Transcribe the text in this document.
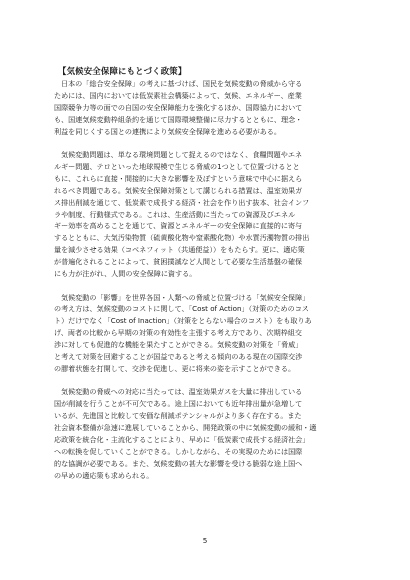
【気候安全保障にもとづく政策】

日本の「総合安全保障」の考えに基づけば、国民を気候変動の脅威から守る
ためには、国内においては低炭素社会構築によって、気候、エネルギー、産業
国際競争力等の面での自国の安全保障能力を強化するほか、国際協力において
も、国連気候変動枠組条約を通じて国際環境整備に尽力するとともに、理念・
利益を同じくする国との連携により気候安全保障を進める必要がある。

気候変動問題は、単なる環境問題として捉えるのではなく、食糧問題やエネ
ルギー問題、テロといった地球規模で生じる脅威の1つとして位置づけるとと
もに、これらに直接・間接的に大きな影響を及ぼすという意味で中心に据えら
れるべき問題である。気候安全保障対策として講じられる措置は、温室効果ガ
ス排出削減を通じて、低炭素で成長する経済・社会を作り出す抜本、社会インフ
ラや制度、行動様式である。これは、生産活動に当たっての資源及びエネル
ギー効率を高めることを通じて、資源とエネルギーの安全保障に直接的に寄与
するとともに、大気汚染物質（硫黄酸化物や窒素酸化物）や水質汚濁物質の排出
量を減少させる効果（コベネフィット（共通便益））をもたらす。更に、適応策
が普遍化されることによって、貧困撲滅など人間として必要な生活基盤の確保
にも力が注がれ、人間の安全保障に資する。

気候変動の「影響」を世界各国・人類への脅威と位置づける「気候安全保障」
の考え方は、気候変動のコストに関して、「Cost of Action」（対策のためのコス
ト）だけでなく「Cost of Inaction」（対策をとらない場合のコスト）をも取りあ
げ、両者の比較から早期の対策の有効性を主張する考え方であり、次期枠組交
渉に対しても促進的な機能を果たすことができる。気候変動の対策を「脅威」
と考えて対策を回避することが国益であると考える傾向のある現在の国際交渉
の膠着状態を打開して、交渉を促進し、更に将来の姿を示すことができる。

気候変動の脅威への対応に当たっては、温室効果ガスを大量に排出している
国が削減を行うことが不可欠である。途上国においても近年排出量が急増して
いるが、先進国と比較して安価な削減ポテンシャルがより多く存在する。また
社会資本整備が急速に進展していることから、開発政策の中に気候変動の緩和・適
応政策を統合化・主流化することにより、早めに「低炭素で成長する経済社会」
への転換を促していくことができる。しかしながら、その実現のためには国際
的な協調が必要である。また、気候変動の甚大な影響を受ける脆弱な途上国へ
の早めの適応策も求められる。

5
